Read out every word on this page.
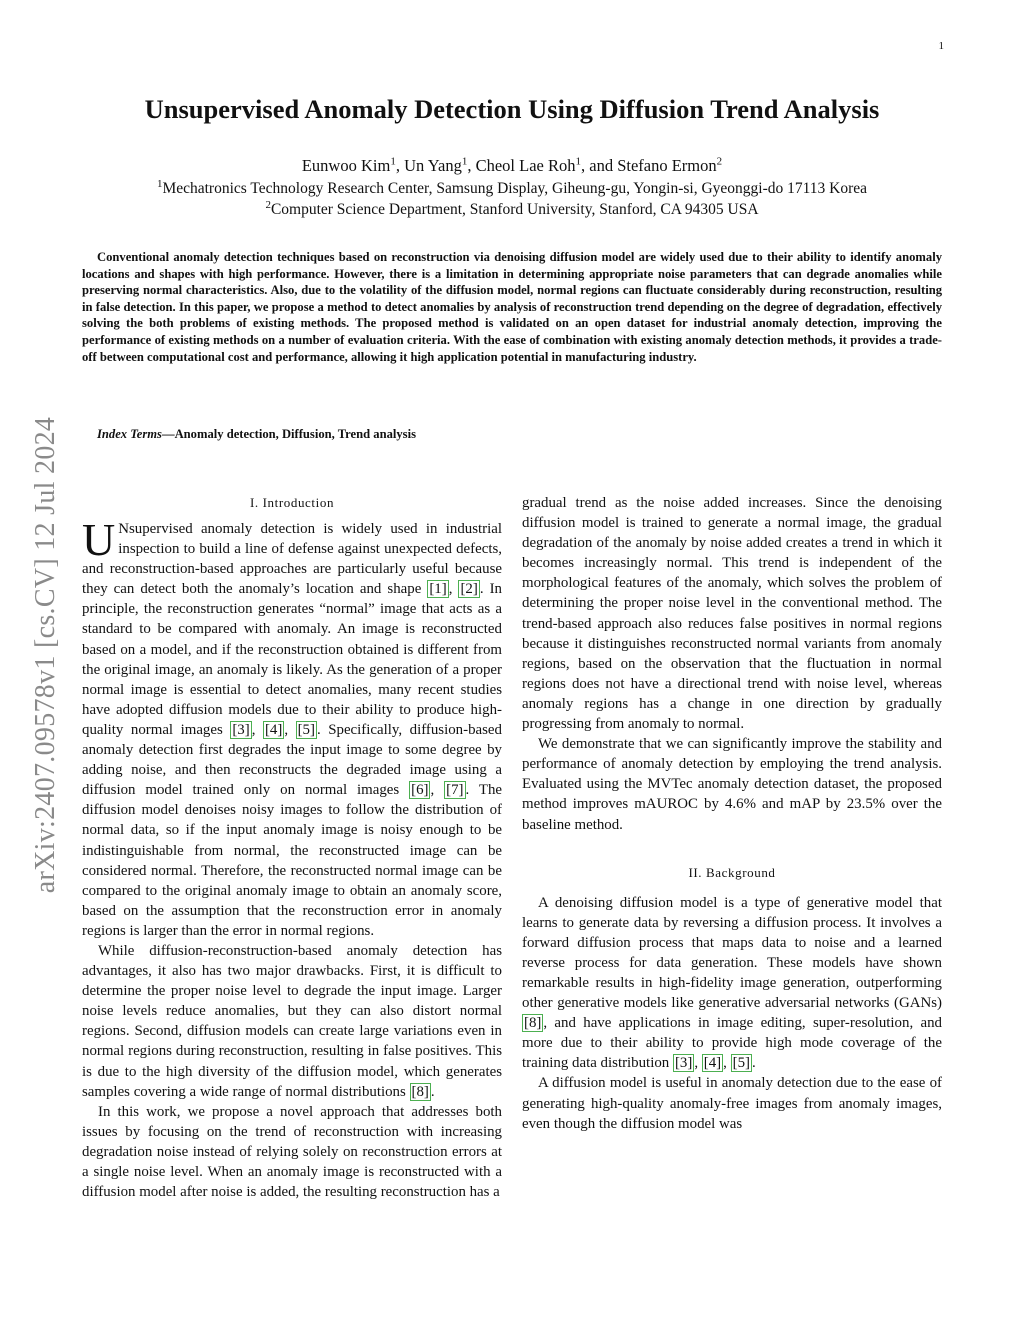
1
arXiv:2407.09578v1 [cs.CV] 12 Jul 2024
Unsupervised Anomaly Detection Using Diffusion Trend Analysis
Eunwoo Kim$^1$, Un Yang$^1$, Cheol Lae Roh$^1$, and Stefano Ermon$^2$
$^1$Mechatronics Technology Research Center, Samsung Display, Giheung-gu, Yongin-si, Gyeonggi-do 17113 Korea
$^2$Computer Science Department, Stanford University, Stanford, CA 94305 USA

Conventional anomaly detection techniques based on reconstruction via denoising diffusion model are widely used due to their ability to identify anomaly locations and shapes with high performance. However, there is a limitation in determining appropriate noise parameters that can degrade anomalies while preserving normal characteristics. Also, due to the volatility of the diffusion model, normal regions can fluctuate considerably during reconstruction, resulting in false detection. In this paper, we propose a method to detect anomalies by analysis of reconstruction trend depending on the degree of degradation, effectively solving the both problems of existing methods. The proposed method is validated on an open dataset for industrial anomaly detection, improving the performance of existing methods on a number of evaluation criteria. With the ease of combination with existing anomaly detection methods, it provides a trade-off between computational cost and performance, allowing it high application potential in manufacturing industry.

Index Terms—Anomaly detection, Diffusion, Trend analysis

I. Introduction

U Nsupervised anomaly detection is widely used in industrial inspection to build a line of defense against unexpected defects, and reconstruction-based approaches are particularly useful because they can detect both the anomaly’s location and shape [1] , [2] . In principle, the reconstruction generates “normal” image that acts as a standard to be compared with anomaly. An image is reconstructed based on a model, and if the reconstruction obtained is different from the original image, an anomaly is likely. As the generation of a proper normal image is essential to detect anomalies, many recent studies have adopted diffusion models due to their ability to produce high-quality normal images [3] , [4] , [5] . Specifically, diffusion-based anomaly detection first degrades the input image to some degree by adding noise, and then reconstructs the degraded image using a diffusion model trained only on normal images [6] , [7] . The diffusion model denoises noisy images to follow the distribution of normal data, so if the input anomaly image is noisy enough to be indistinguishable from normal, the reconstructed image can be considered normal. Therefore, the reconstructed normal image can be compared to the original anomaly image to obtain an anomaly score, based on the assumption that the reconstruction error in anomaly regions is larger than the error in normal regions.

While diffusion-reconstruction-based anomaly detection has advantages, it also has two major drawbacks. First, it is difficult to determine the proper noise level to degrade the input image. Larger noise levels reduce anomalies, but they can also distort normal regions. Second, diffusion models can create large variations even in normal regions during reconstruction, resulting in false positives. This is due to the high diversity of the diffusion model, which generates samples covering a wide range of normal distributions [8] .

In this work, we propose a novel approach that addresses both issues by focusing on the trend of reconstruction with increasing degradation noise instead of relying solely on reconstruction errors at a single noise level. When an anomaly image is reconstructed with a diffusion model after noise is added, the resulting reconstruction has a

gradual trend as the noise added increases. Since the denoising diffusion model is trained to generate a normal image, the gradual degradation of the anomaly by noise added creates a trend in which it becomes increasingly normal. This trend is independent of the morphological features of the anomaly, which solves the problem of determining the proper noise level in the conventional method. The trend-based approach also reduces false positives in normal regions because it distinguishes reconstructed normal variants from anomaly regions, based on the observation that the fluctuation in normal regions does not have a directional trend with noise level, whereas anomaly regions has a change in one direction by gradually progressing from anomaly to normal.

We demonstrate that we can significantly improve the stability and performance of anomaly detection by employing the trend analysis. Evaluated using the MVTec anomaly detection dataset, the proposed method improves mAUROC by 4.6% and mAP by 23.5% over the baseline method.

II. Background

A denoising diffusion model is a type of generative model that learns to generate data by reversing a diffusion process. It involves a forward diffusion process that maps data to noise and a learned reverse process for data generation. These models have shown remarkable results in high-fidelity image generation, outperforming other generative models like generative adversarial networks (GANs) [8] , and have applications in image editing, super-resolution, and more due to their ability to provide high mode coverage of the training data distribution [3] , [4] , [5] .

A diffusion model is useful in anomaly detection due to the ease of generating high-quality anomaly-free images from anomaly images, even though the diffusion model was
